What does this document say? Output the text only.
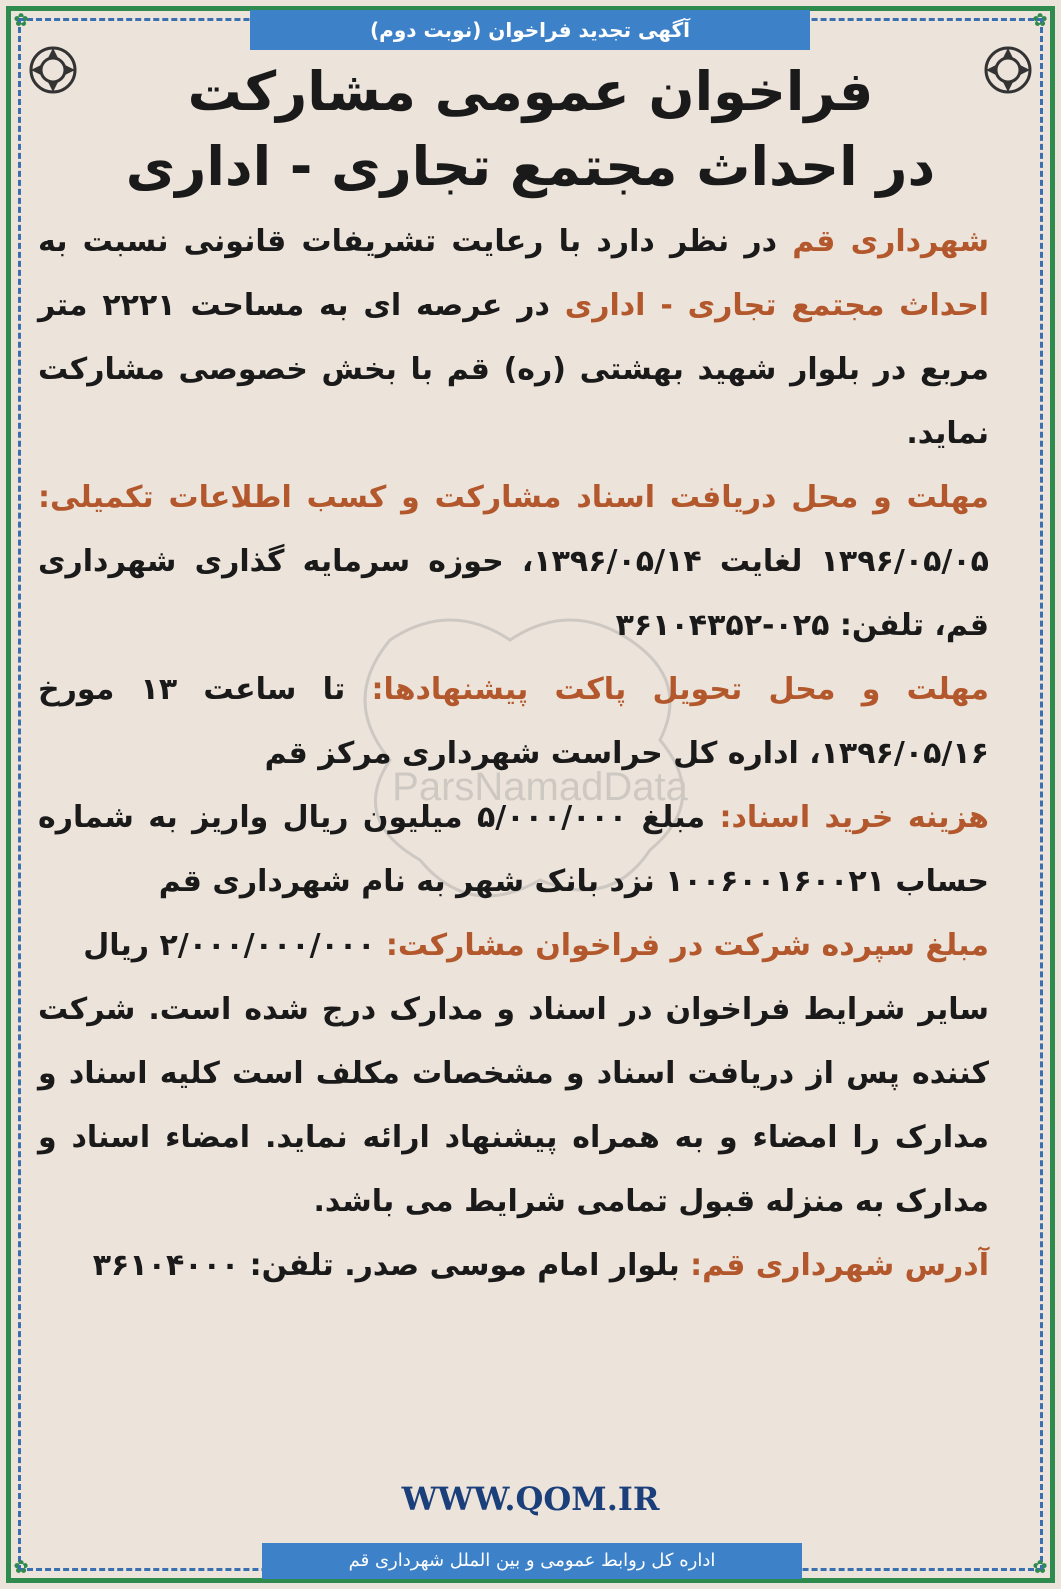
✿	✿
✿	✿
آگهی تجدید فراخوان (نوبت دوم)
فراخوان عمومی مشارکت
در احداث مجتمع تجاری - اداری
ParsNamadData

شهرداری قم در نظر دارد با رعایت تشریفات قانونی نسبت به احداث مجتمع تجاری - اداری در عرصه ای به مساحت ۲۲۲۱ متر مربع در بلوار شهید بهشتی (ره) قم با بخش خصوصی مشارکت نماید.

مهلت و محل دریافت اسناد مشارکت و کسب اطلاعات تکمیلی: ۱۳۹۶/۰۵/۰۵ لغایت ۱۳۹۶/۰۵/۱۴، حوزه سرمایه گذاری شهرداری قم، تلفن: ۰۲۵-۳۶۱۰۴۳۵۲

مهلت و محل تحویل پاکت پیشنهادها: تا ساعت ۱۳ مورخ ۱۳۹۶/۰۵/۱۶، اداره کل حراست شهرداری مرکز قم

هزینه خرید اسناد: مبلغ ۵/۰۰۰/۰۰۰ میلیون ریال واریز به شماره حساب ۱۰۰۶۰۰۱۶۰۰۲۱ نزد بانک شهر به نام شهرداری قم

مبلغ سپرده شرکت در فراخوان مشارکت: ۲/۰۰۰/۰۰۰/۰۰۰ ریال

سایر شرایط فراخوان در اسناد و مدارک درج شده است. شرکت کننده پس از دریافت اسناد و مشخصات مکلف است کلیه اسناد و مدارک را امضاء و به همراه پیشنهاد ارائه نماید. امضاء اسناد و مدارک به منزله قبول تمامی شرایط می باشد.

آدرس شهرداری قم: بلوار امام موسی صدر. تلفن: ۳۶۱۰۴۰۰۰

WWW.QOM.IR
اداره کل روابط عمومی و بین الملل شهرداری قم
